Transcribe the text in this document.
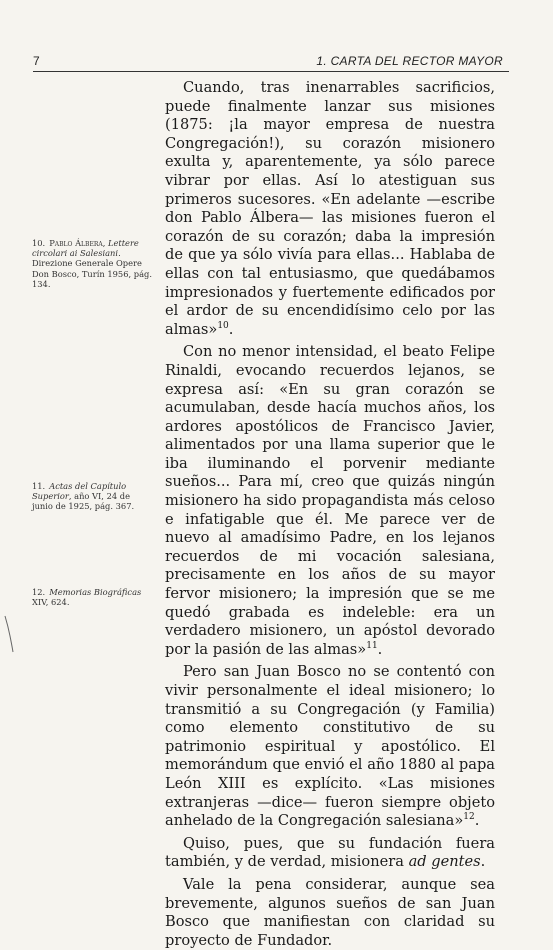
7	1. CARTA DEL RECTOR MAYOR

Cuando, tras inenarrables sacrificios, puede finalmente lanzar sus misiones (1875: ¡la mayor empresa de nuestra Congregación!), su corazón misionero exulta y, aparentemente, ya sólo parece vibrar por ellas. Así lo atestiguan sus primeros sucesores. «En adelante —escribe don Pablo Álbera— las misiones fueron el corazón de su corazón; daba la impresión de que ya sólo vivía para ellas... Hablaba de ellas con tal entusiasmo, que quedábamos impresionados y fuertemente edificados por el ardor de su encendidísimo celo por las almas»$^{10}$.

Con no menor intensidad, el beato Felipe Rinaldi, evocando recuerdos lejanos, se expresa así: «En su gran corazón se acumulaban, desde hacía muchos años, los ardores apostólicos de Francisco Javier, alimentados por una llama superior que le iba iluminando el porvenir mediante sueños... Para mí, creo que quizás ningún misionero ha sido propagandista más celoso e infatigable que él. Me parece ver de nuevo al amadísimo Padre, en los lejanos recuerdos de mi vocación salesiana, precisamente en los años de su mayor fervor misionero; la impresión que se me quedó grabada es indeleble: era un verdadero misionero, un apóstol devorado por la pasión de las almas»$^{11}$.

Pero san Juan Bosco no se contentó con vivir personalmente el ideal misionero; lo transmitió a su Congregación (y Familia) como elemento constitutivo de su patrimonio espiritual y apostólico. El memorándum que envió el año 1880 al papa León XIII es explícito. «Las misiones extranjeras —dice— fueron siempre objeto anhelado de la Congregación salesiana»$^{12}$.

Quiso, pues, que su fundación fuera también, y de verdad, misionera ad gentes.

Vale la pena considerar, aunque sea brevemente, algunos sueños de san Juan Bosco que manifiestan con claridad su proyecto de Fundador.

10. Pablo Álbera, Lettere circolari ai Salesiani. Direzione Generale Opere Don Bosco, Turín 1956, pág. 134.
11. Actas del Capítulo Superior, año VI, 24 de junio de 1925, pág. 367.
12. Memorias Biográficas XIV, 624.
